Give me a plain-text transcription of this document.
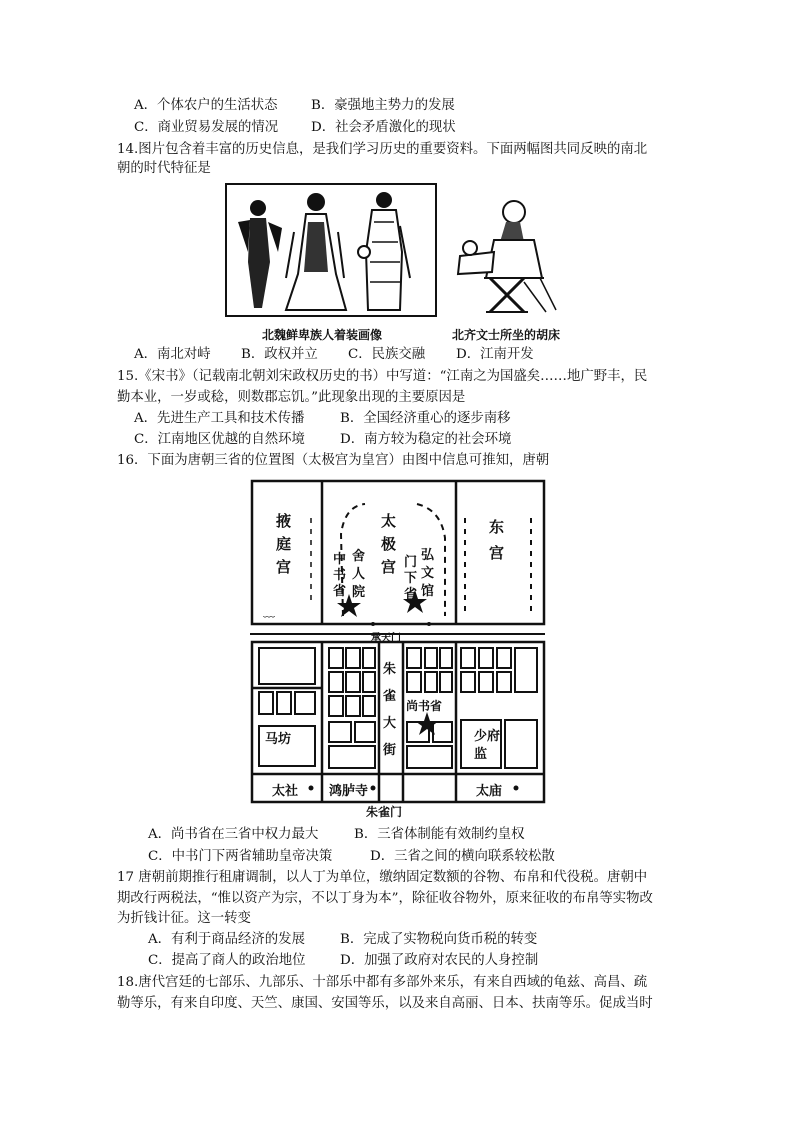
A．个体农户的生活状态 B．豪强地主势力的发展
C．商业贸易发展的情况 D．社会矛盾激化的现状
14.图片包含着丰富的历史信息，是我们学习历史的重要资料。下面两幅图共同反映的南北
朝的时代特征是
北魏鲜卑族人着装画像	北齐文士所坐的胡床
A．南北对峙 B．政权并立 C．民族交融 D．江南开发
15.《宋书》（记载南北朝刘宋政权历史的书）中写道：“江南之为国盛矣……地广野丰，民
勤本业，一岁或稔，则数郡忘饥。”此现象出现的主要原因是
A．先进生产工具和技术传播	B．全国经济重心的逐步南移
C．江南地区优越的自然环境	D．南方较为稳定的社会环境
16．下面为唐朝三省的位置图（太极宫为皇宫）由图中信息可推知，唐朝
﹏
掖庭宫
太极宫
东宫
中书省
舍人院
门下省
弘文馆
承天门
朱雀大街
尚书省
马坊	少府监
太社 鸿胪寺	太庙
朱雀门
A．尚书省在三省中权力最大	B．三省体制能有效制约皇权
C．中书门下两省辅助皇帝决策	D．三省之间的横向联系较松散
17 唐朝前期推行租庸调制，以人丁为单位，缴纳固定数额的谷物、布帛和代役税。唐朝中
期改行两税法，“惟以资产为宗，不以丁身为本”，除征收谷物外，原来征收的布帛等实物改
为折钱计征。这一转变
A．有利于商品经济的发展	B．完成了实物税向货币税的转变
C．提高了商人的政治地位	D．加强了政府对农民的人身控制
18.唐代宫廷的七部乐、九部乐、十部乐中都有多部外来乐，有来自西域的龟兹、高昌、疏
勒等乐，有来自印度、天竺、康国、安国等乐，以及来自高丽、日本、扶南等乐。促成当时
